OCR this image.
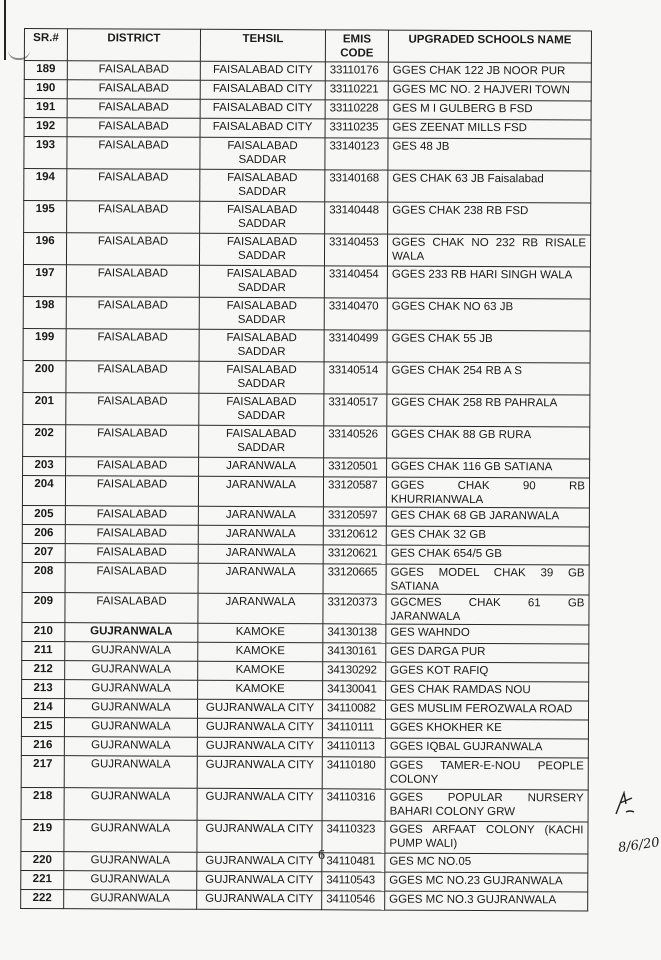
SR.#	DISTRICT	TEHSIL	EMIS CODE	UPGRADED SCHOOLS NAME
189	FAISALABAD	FAISALABAD CITY	33110176	GGES CHAK 122 JB NOOR PUR
190	FAISALABAD	FAISALABAD CITY	33110221	GGES MC NO. 2 HAJVERI TOWN
191	FAISALABAD	FAISALABAD CITY	33110228	GES M I GULBERG B FSD
192	FAISALABAD	FAISALABAD CITY	33110235	GES ZEENAT MILLS FSD
193	FAISALABAD	FAISALABAD SADDAR	33140123	GES 48 JB
194	FAISALABAD	FAISALABAD SADDAR	33140168	GES CHAK 63 JB Faisalabad
195	FAISALABAD	FAISALABAD SADDAR	33140448	GGES CHAK 238 RB FSD
196	FAISALABAD	FAISALABAD SADDAR	33140453	GGES CHAK NO 232 RB RISALE WALA
197	FAISALABAD	FAISALABAD SADDAR	33140454	GGES 233 RB HARI SINGH WALA
198	FAISALABAD	FAISALABAD SADDAR	33140470	GGES CHAK NO 63 JB
199	FAISALABAD	FAISALABAD SADDAR	33140499	GGES CHAK 55 JB
200	FAISALABAD	FAISALABAD SADDAR	33140514	GGES CHAK 254 RB A S
201	FAISALABAD	FAISALABAD SADDAR	33140517	GGES CHAK 258 RB PAHRALA
202	FAISALABAD	FAISALABAD SADDAR	33140526	GGES CHAK 88 GB RURA
203	FAISALABAD	JARANWALA	33120501	GGES CHAK 116 GB SATIANA
204	FAISALABAD	JARANWALA	33120587	GGES CHAK 90 RB KHURRIANWALA
205	FAISALABAD	JARANWALA	33120597	GES CHAK 68 GB JARANWALA
206	FAISALABAD	JARANWALA	33120612	GES CHAK 32 GB
207	FAISALABAD	JARANWALA	33120621	GES CHAK 654/5 GB
208	FAISALABAD	JARANWALA	33120665	GGES MODEL CHAK 39 GB SATIANA
209	FAISALABAD	JARANWALA	33120373	GGCMES CHAK 61 GB JARANWALA
210	GUJRANWALA	KAMOKE	34130138	GES WAHNDO
211	GUJRANWALA	KAMOKE	34130161	GES DARGA PUR
212	GUJRANWALA	KAMOKE	34130292	GGES KOT RAFIQ
213	GUJRANWALA	KAMOKE	34130041	GES CHAK RAMDAS NOU
214	GUJRANWALA	GUJRANWALA CITY	34110082	GES MUSLIM FEROZWALA ROAD
215	GUJRANWALA	GUJRANWALA CITY	34110111	GGES KHOKHER KE
216	GUJRANWALA	GUJRANWALA CITY	34110113	GGES IQBAL GUJRANWALA
217	GUJRANWALA	GUJRANWALA CITY	34110180	GGES TAMER-E-NOU PEOPLE COLONY
218	GUJRANWALA	GUJRANWALA CITY	34110316	GGES POPULAR NURSERY BAHARI COLONY GRW
219	GUJRANWALA	GUJRANWALA CITY	34110323	GGES ARFAAT COLONY (KACHI PUMP WALI)
220	GUJRANWALA	GUJRANWALA CITY	34110481	GES MC NO.05
221	GUJRANWALA	GUJRANWALA CITY	34110543	GGES MC NO.23 GUJRANWALA
222	GUJRANWALA	GUJRANWALA CITY	34110546	GGES MC NO.3 GUJRANWALA
6	8/6/20
